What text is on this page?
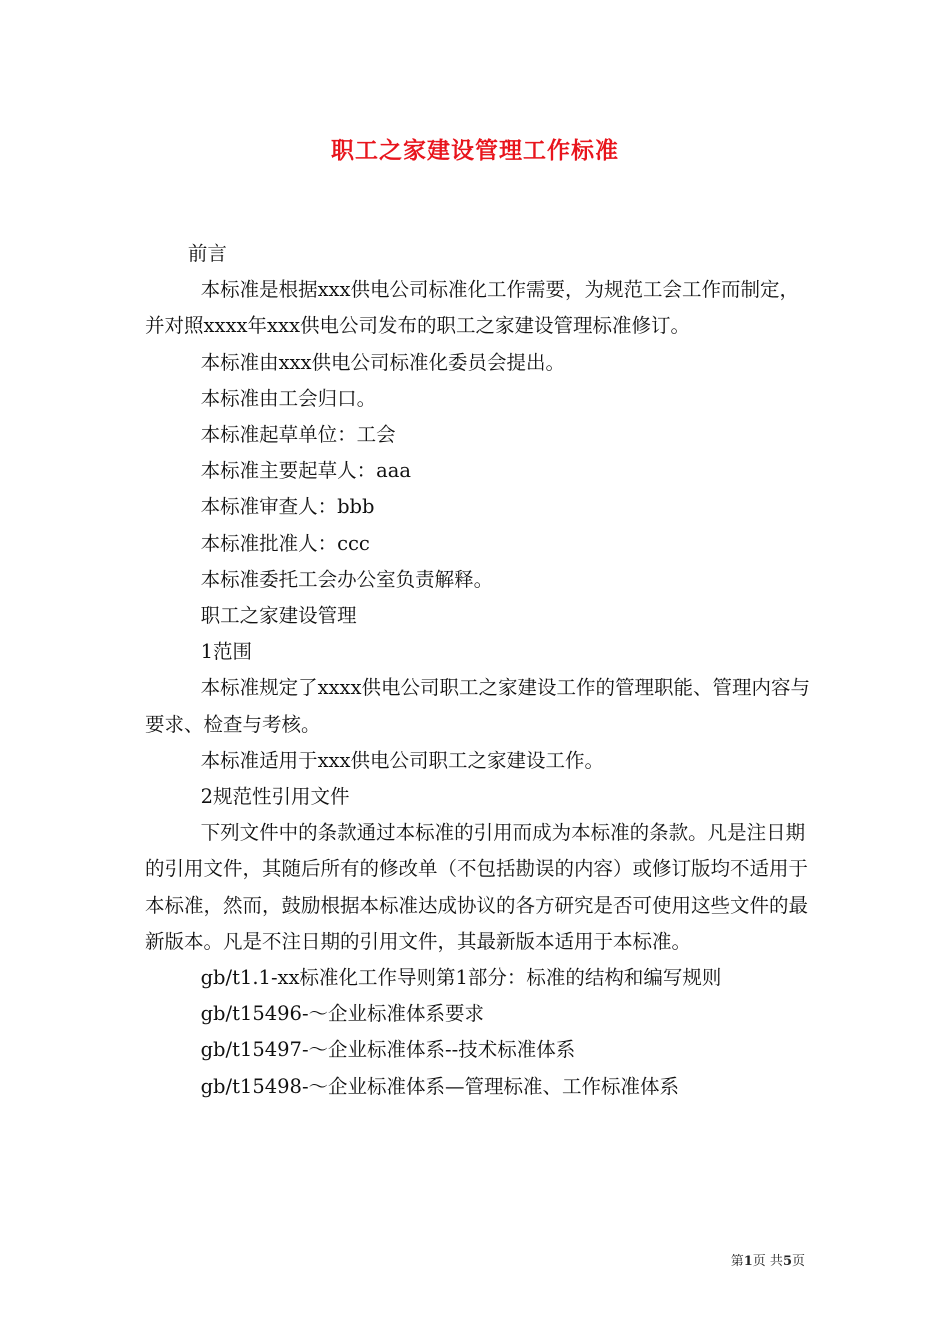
职工之家建设管理工作标准

前言

本标准是根据xxx供电公司标准化工作需要，为规范工会工作而制定，并对照xxxx年xxx供电公司发布的职工之家建设管理标准修订。

本标准由xxx供电公司标准化委员会提出。

本标准由工会归口。

本标准起草单位：工会

本标准主要起草人：aaa

本标准审查人：bbb

本标准批准人：ccc

本标准委托工会办公室负责解释。

职工之家建设管理

1范围

本标准规定了xxxx供电公司职工之家建设工作的管理职能、管理内容与要求、检查与考核。

本标准适用于xxx供电公司职工之家建设工作。

2规范性引用文件

下列文件中的条款通过本标准的引用而成为本标准的条款。凡是注日期的引用文件，其随后所有的修改单（不包括勘误的内容）或修订版均不适用于本标准，然而，鼓励根据本标准达成协议的各方研究是否可使用这些文件的最新版本。凡是不注日期的引用文件，其最新版本适用于本标准。

gb/t1.1-xx标准化工作导则第1部分：标准的结构和编写规则

gb/t15496-～企业标准体系要求

gb/t15497-～企业标准体系--技术标准体系

gb/t15498-～企业标准体系—管理标准、工作标准体系

第1页 共5页
